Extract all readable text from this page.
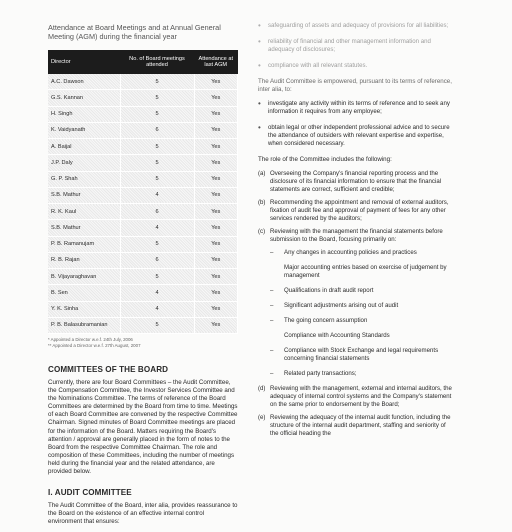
Attendance at Board Meetings and at Annual General Meeting (AGM) during the financial year
Director	No. of Board meetings attended	Attendance at last AGM
A.C. Dawson	5	Yes
G.S. Kannan	5	Yes
H. Singh	5	Yes
K. Vaidyanath	6	Yes
A. Baijal	5	Yes
J.P. Daly	5	Yes
G. P. Shah	5	Yes
S.B. Mathur	4	Yes
R. K. Kaul	6	Yes
S.B. Mathur	4	Yes
P. B. Ramanujam	5	Yes
R. B. Rajan	6	Yes
B. Vijayaraghavan	5	Yes
B. Sen	4	Yes
Y. K. Sinha	4	Yes
P. B. Balasubramanian	5	Yes
* Appointed a Director w.e.f. 24th July, 2006
** Appointed a Director w.e.f. 27th August, 2007
COMMITTEES OF THE BOARD

Currently, there are four Board Committees – the Audit Committee, the Compensation Committee, the Investor Services Committee and the Nominations Committee. The terms of reference of the Board Committees are determined by the Board from time to time. Meetings of each Board Committee are convened by the respective Committee Chairman. Signed minutes of Board Committee meetings are placed for the information of the Board. Matters requiring the Board's attention / approval are generally placed in the form of notes to the Board from the respective Committee Chairman. The role and composition of these Committees, including the number of meetings held during the financial year and the related attendance, are provided below.

I. AUDIT COMMITTEE

The Audit Committee of the Board, inter alia, provides reassurance to the Board on the existence of an effective internal control environment that ensures:

•	safeguarding of assets and adequacy of provisions for all liabilities;
•	reliability of financial and other management information and adequacy of disclosures;
•	compliance with all relevant statutes.

The Audit Committee is empowered, pursuant to its terms of reference, inter alia, to:

•	investigate any activity within its terms of reference and to seek any information it requires from any employee;
•	obtain legal or other independent professional advice and to secure the attendance of outsiders with relevant expertise and expertise, when considered necessary.

The role of the Committee includes the following:

(a) Overseeing the Company's financial reporting process and the disclosure of its financial information to ensure that the financial statements are correct, sufficient and credible;
(b) Recommending the appointment and removal of external auditors, fixation of audit fee and approval of payment of fees for any other services rendered by the auditors;
(c) Reviewing with the management the financial statements before submission to the Board, focusing primarily on:
–	Any changes in accounting policies and practices
Major accounting entries based on exercise of judgement by management
–	Qualifications in draft audit report
–	Significant adjustments arising out of audit
–	The going concern assumption
Compliance with Accounting Standards
–	Compliance with Stock Exchange and legal requirements concerning financial statements
–	Related party transactions;
(d) Reviewing with the management, external and internal auditors, the adequacy of internal control systems and the Company's statement on the same prior to endorsement by the Board;
(e) Reviewing the adequacy of the internal audit function, including the structure of the internal audit department, staffing and seniority of the official heading the
